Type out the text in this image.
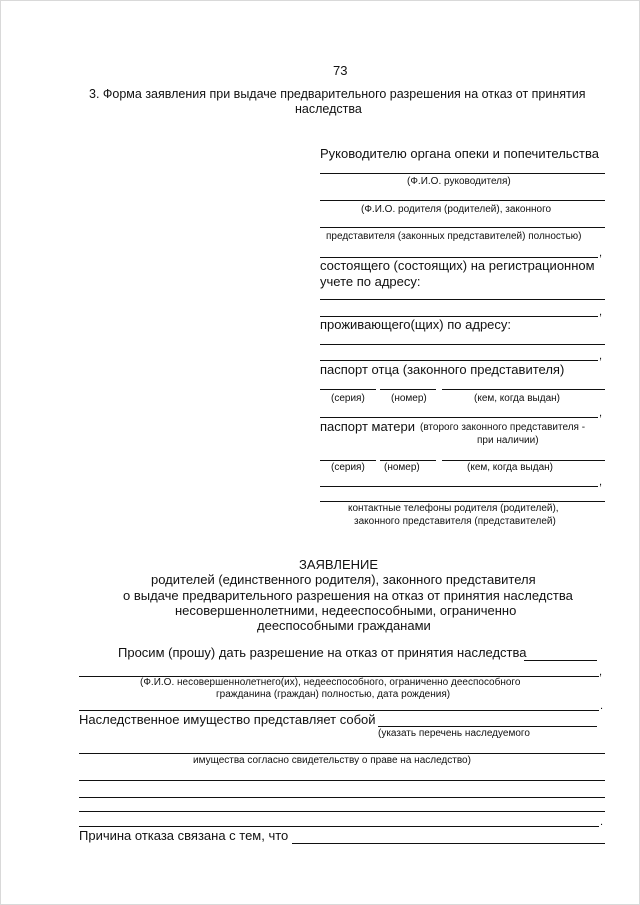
73
3. Форма заявления при выдаче предварительного разрешения на отказ от принятия
наследства
Руководителю органа опеки и попечительства
(Ф.И.О. руководителя)
(Ф.И.О. родителя (родителей), законного
представителя (законных представителей) полностью)
,
состоящего (состоящих) на регистрационном
учете по адресу:
,
проживающего(щих) по адресу:
,
паспорт отца (законного представителя)
(серия)	(номер)	(кем, когда выдан)
,
паспорт матери (второго законного представителя -
при наличии)
(серия) (номер)	(кем, когда выдан)
,
контактные телефоны родителя (родителей),
законного представителя (представителей)
ЗАЯВЛЕНИЕ
родителей (единственного родителя), законного представителя
о выдаче предварительного разрешения на отказ от принятия наследства
несовершеннолетними, недееспособными, ограниченно
дееспособными гражданами
Просим (прошу) дать разрешение на отказ от принятия наследства
,
(Ф.И.О. несовершеннолетнего(их), недееспособного, ограниченно дееспособного
гражданина (граждан) полностью, дата рождения)
.
Наследственное имущество представляет собой
(указать перечень наследуемого
имущества согласно свидетельству о праве на наследство)
.
Причина отказа связана с тем, что
